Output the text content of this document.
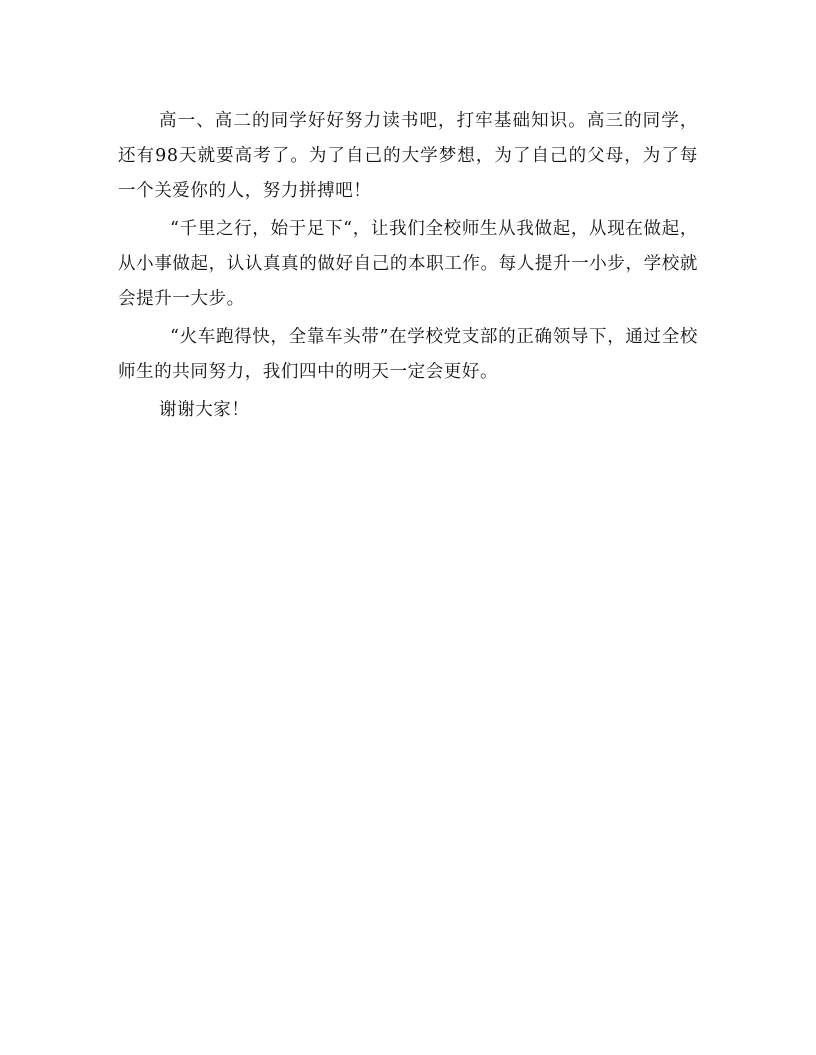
高一、高二的同学好好努力读书吧，打牢基础知识。高三的同学，还有98天就要高考了。为了自己的大学梦想，为了自己的父母，为了每一个关爱你的人，努力拼搏吧！

“千里之行，始于足下“，让我们全校师生从我做起，从现在做起，从小事做起，认认真真的做好自己的本职工作。每人提升一小步，学校就会提升一大步。

“火车跑得快，全靠车头带”在学校党支部的正确领导下，通过全校师生的共同努力，我们四中的明天一定会更好。

谢谢大家！
